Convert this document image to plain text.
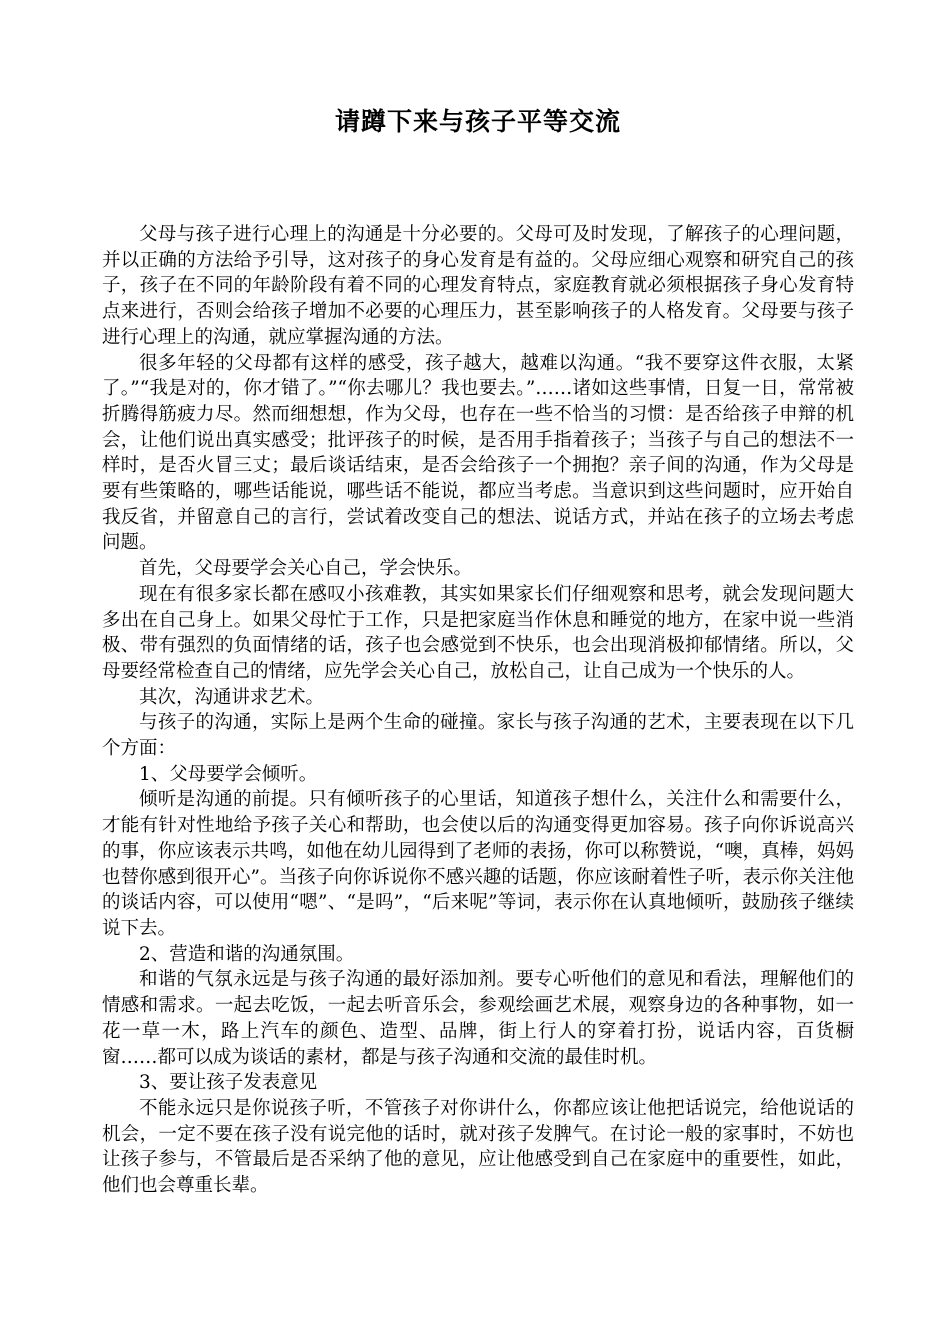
请蹲下来与孩子平等交流

父母与孩子进行心理上的沟通是十分必要的。父母可及时发现，了解孩子的心理问题，并以正确的方法给予引导，这对孩子的身心发育是有益的。父母应细心观察和研究自己的孩子，孩子在不同的年龄阶段有着不同的心理发育特点，家庭教育就必须根据孩子身心发育特点来进行，否则会给孩子增加不必要的心理压力，甚至影响孩子的人格发育。父母要与孩子进行心理上的沟通，就应掌握沟通的方法。

很多年轻的父母都有这样的感受，孩子越大，越难以沟通。“我不要穿这件衣服，太紧了。”“我是对的，你才错了。”“你去哪儿？我也要去。”……诸如这些事情，日复一日，常常被折腾得筋疲力尽。然而细想想，作为父母，也存在一些不恰当的习惯：是否给孩子申辩的机会，让他们说出真实感受；批评孩子的时候，是否用手指着孩子；当孩子与自己的想法不一样时，是否火冒三丈；最后谈话结束，是否会给孩子一个拥抱？亲子间的沟通，作为父母是要有些策略的，哪些话能说，哪些话不能说，都应当考虑。当意识到这些问题时，应开始自我反省，并留意自己的言行，尝试着改变自己的想法、说话方式，并站在孩子的立场去考虑问题。

首先，父母要学会关心自己，学会快乐。

现在有很多家长都在感叹小孩难教，其实如果家长们仔细观察和思考，就会发现问题大多出在自己身上。如果父母忙于工作，只是把家庭当作休息和睡觉的地方，在家中说一些消极、带有强烈的负面情绪的话，孩子也会感觉到不快乐，也会出现消极抑郁情绪。所以，父母要经常检查自己的情绪，应先学会关心自己，放松自己，让自己成为一个快乐的人。

其次，沟通讲求艺术。

与孩子的沟通，实际上是两个生命的碰撞。家长与孩子沟通的艺术，主要表现在以下几个方面：

1、父母要学会倾听。

倾听是沟通的前提。只有倾听孩子的心里话，知道孩子想什么，关注什么和需要什么，才能有针对性地给予孩子关心和帮助，也会使以后的沟通变得更加容易。孩子向你诉说高兴的事，你应该表示共鸣，如他在幼儿园得到了老师的表扬，你可以称赞说，“噢，真棒，妈妈也替你感到很开心”。当孩子向你诉说你不感兴趣的话题，你应该耐着性子听，表示你关注他的谈话内容，可以使用“嗯”、“是吗”，“后来呢”等词，表示你在认真地倾听，鼓励孩子继续说下去。

2、营造和谐的沟通氛围。

和谐的气氛永远是与孩子沟通的最好添加剂。要专心听他们的意见和看法，理解他们的情感和需求。一起去吃饭，一起去听音乐会，参观绘画艺术展，观察身边的各种事物，如一花一草一木，路上汽车的颜色、造型、品牌，街上行人的穿着打扮，说话内容，百货橱窗……都可以成为谈话的素材，都是与孩子沟通和交流的最佳时机。

3、要让孩子发表意见

不能永远只是你说孩子听，不管孩子对你讲什么，你都应该让他把话说完，给他说话的机会，一定不要在孩子没有说完他的话时，就对孩子发脾气。在讨论一般的家事时，不妨也让孩子参与，不管最后是否采纳了他的意见，应让他感受到自己在家庭中的重要性，如此，他们也会尊重长辈。
